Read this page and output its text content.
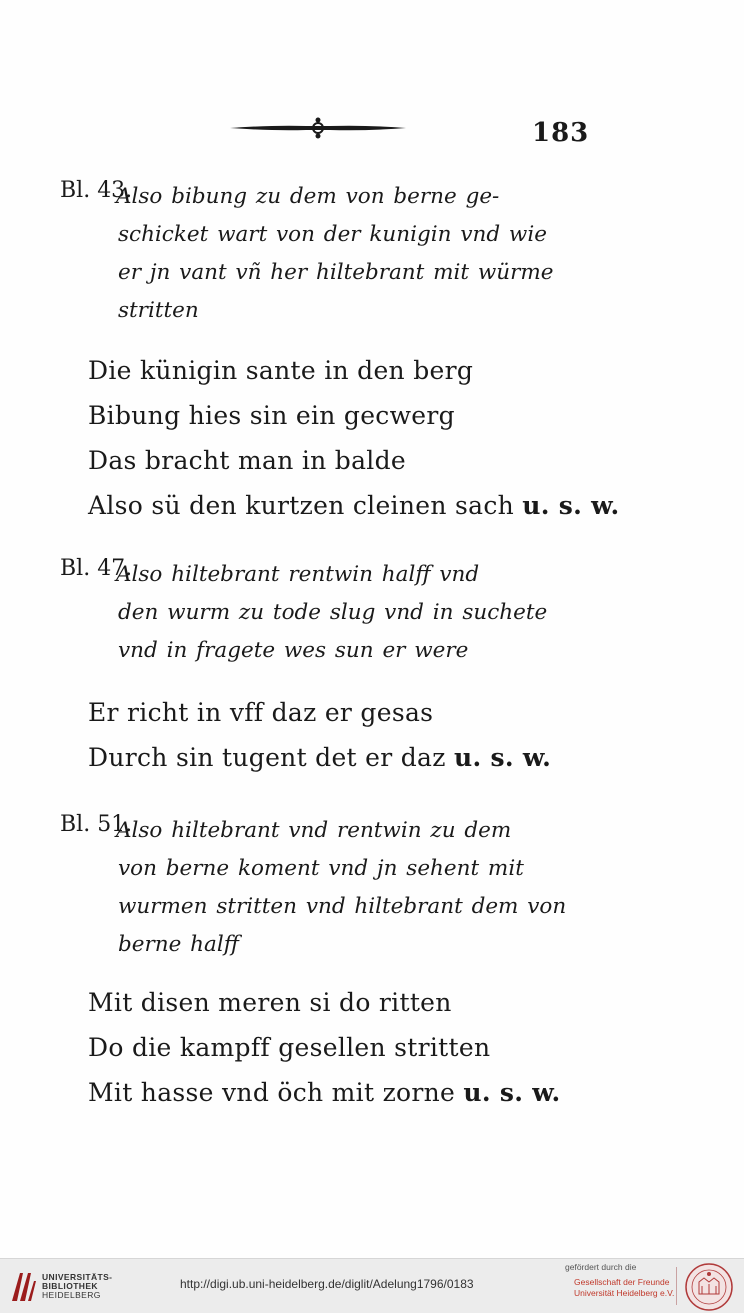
183
Bl. 43.
Also bibung zu dem von berne ge-
schicket wart von der kunigin vnd wie
er jn vant vñ her hiltebrant mit würme
stritten
Die künigin sante in den berg
Bibung hies sin ein gecwerg
Das bracht man in balde
Also sü den kurtzen cleinen sach u. s. w.
Bl. 47.
Also hiltebrant rentwin halff vnd
den wurm zu tode slug vnd in suchete
vnd in fragete wes sun er were
Er richt in vff daz er gesas
Durch sin tugent det er daz u. s. w.
Bl. 51.
Also hiltebrant vnd rentwin zu dem
von berne koment vnd jn sehent mit
wurmen stritten vnd hiltebrant dem von
berne halff
Mit disen meren si do ritten
Do die kampff gesellen stritten
Mit hasse vnd öch mit zorne u. s. w.
UNIVERSITÄTS-
BIBLIOTHEK
HEIDELBERG
http://digi.ub.uni-heidelberg.de/diglit/Adelung1796/0183
gefördert durch die
Gesellschaft der Freunde
Universität Heidelberg e.V.
